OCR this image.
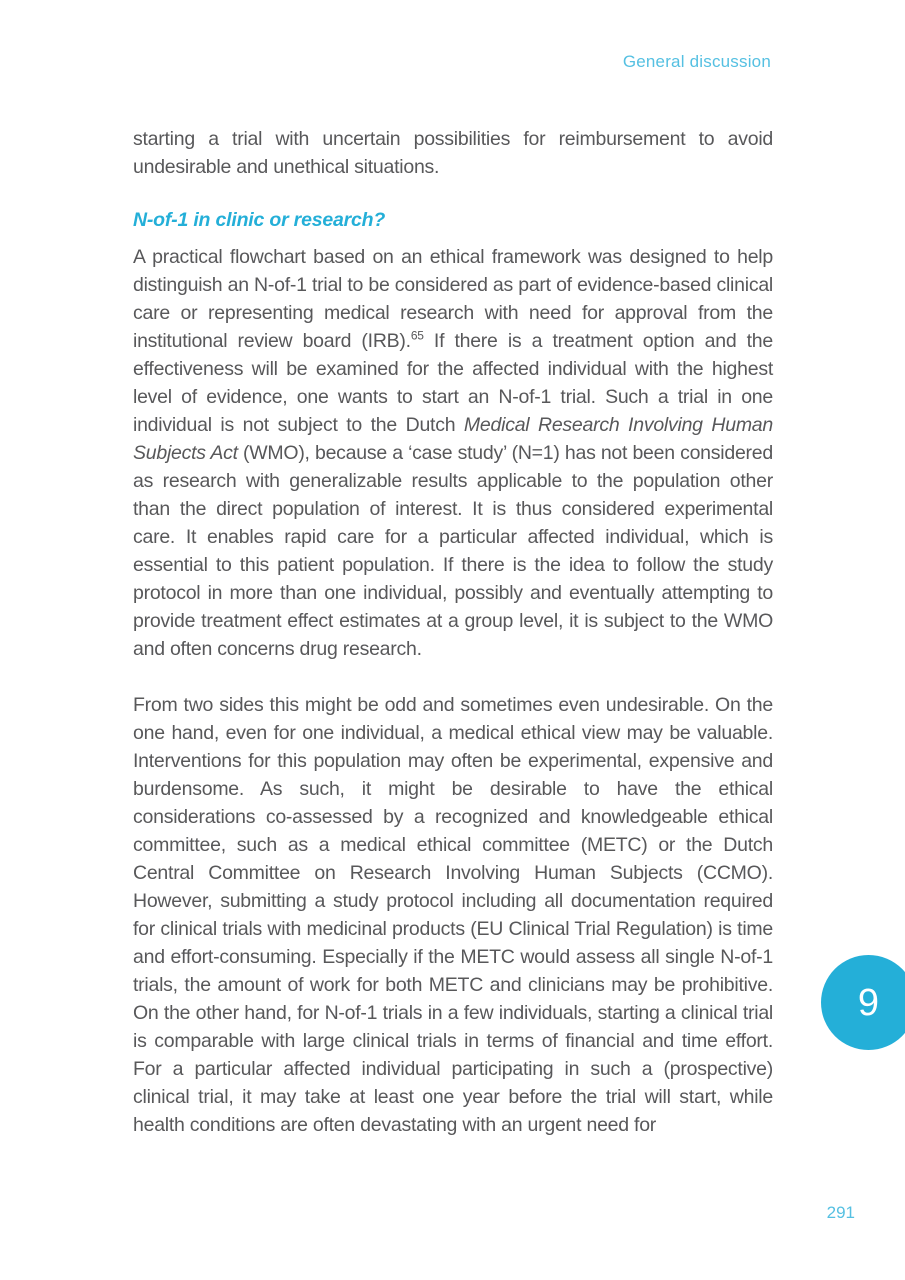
General discussion

starting a trial with uncertain possibilities for reimbursement to avoid undesirable and unethical situations.

N-of-1 in clinic or research?

A practical flowchart based on an ethical framework was designed to help distinguish an N-of-1 trial to be considered as part of evidence-based clinical care or representing medical research with need for approval from the institutional review board (IRB).$^{65}$ If there is a treatment option and the effectiveness will be examined for the affected individual with the highest level of evidence, one wants to start an N-of-1 trial. Such a trial in one individual is not subject to the Dutch Medical Research Involving Human Subjects Act (WMO), because a ‘case study’ (N=1) has not been considered as research with generalizable results applicable to the population other than the direct population of interest. It is thus considered experimental care. It enables rapid care for a particular affected individual, which is essential to this patient population. If there is the idea to follow the study protocol in more than one individual, possibly and eventually attempting to provide treatment effect estimates at a group level, it is subject to the WMO and often concerns drug research.

From two sides this might be odd and sometimes even undesirable. On the one hand, even for one individual, a medical ethical view may be valuable. Interventions for this population may often be experimental, expensive and burdensome. As such, it might be desirable to have the ethical considerations co-assessed by a recognized and knowledgeable ethical committee, such as a medical ethical committee (METC) or the Dutch Central Committee on Research Involving Human Subjects (CCMO). However, submitting a study protocol including all documentation required for clinical trials with medicinal products (EU Clinical Trial Regulation) is time and effort-consuming. Especially if the METC would assess all single N-of-1 trials, the amount of work for both METC and clinicians may be prohibitive. On the other hand, for N-of-1 trials in a few individuals, starting a clinical trial is comparable with large clinical trials in terms of financial and time effort. For a particular affected individual participating in such a (prospective) clinical trial, it may take at least one year before the trial will start, while health conditions are often devastating with an urgent need for

9
291
